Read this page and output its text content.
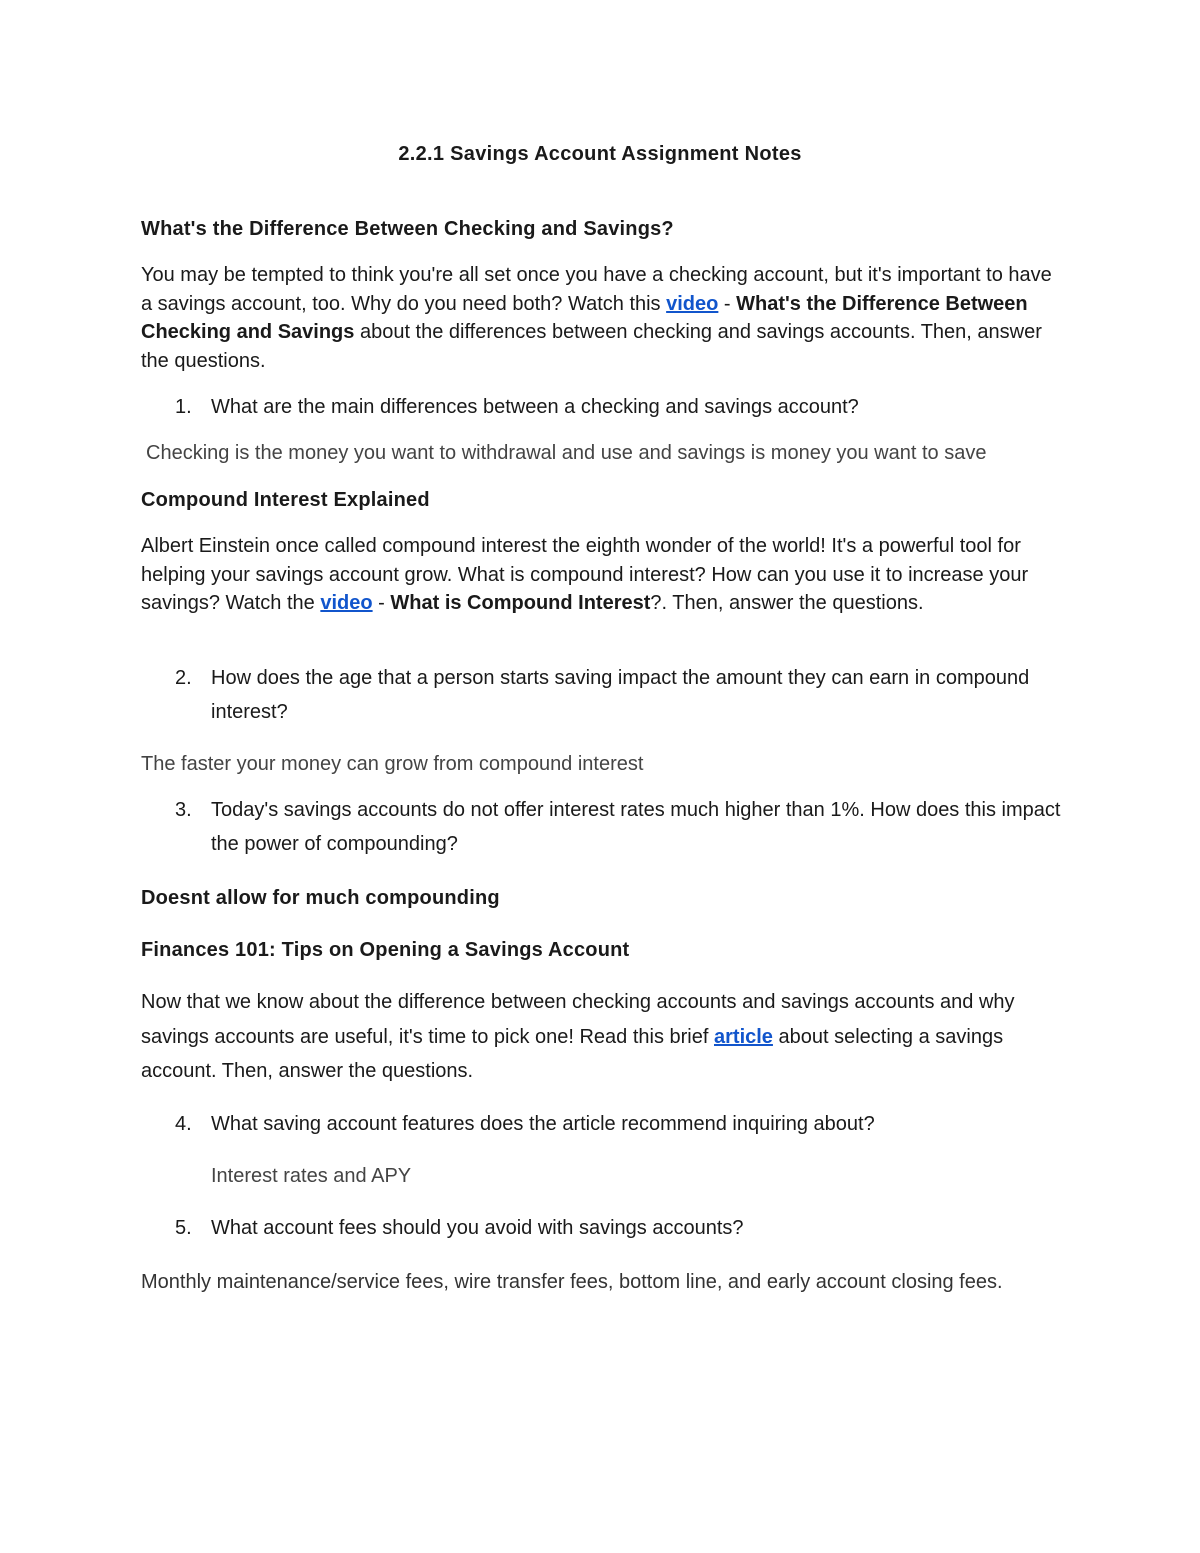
2.2.1 Savings Account Assignment Notes

What's the Difference Between Checking and Savings?

You may be tempted to think you're all set once you have a checking account, but it's important to have a savings account, too. Why do you need both? Watch this video - What's the Difference Between Checking and Savings about the differences between checking and savings accounts. Then, answer the questions.

1. What are the main differences between a checking and savings account?

Checking is the money you want to withdrawal and use and savings is money you want to save

Compound Interest Explained

Albert Einstein once called compound interest the eighth wonder of the world! It's a powerful tool for helping your savings account grow. What is compound interest? How can you use it to increase your savings? Watch the video - What is Compound Interest?. Then, answer the questions.

2. How does the age that a person starts saving impact the amount they can earn in compound interest?

The faster your money can grow from compound interest

3. Today's savings accounts do not offer interest rates much higher than 1%. How does this impact the power of compounding?

Doesnt allow for much compounding

Finances 101: Tips on Opening a Savings Account

Now that we know about the difference between checking accounts and savings accounts and why savings accounts are useful, it's time to pick one! Read this brief article about selecting a savings account. Then, answer the questions.

4. What saving account features does the article recommend inquiring about?

Interest rates and APY

5. What account fees should you avoid with savings accounts?

Monthly maintenance/service fees, wire transfer fees, bottom line, and early account closing fees.
